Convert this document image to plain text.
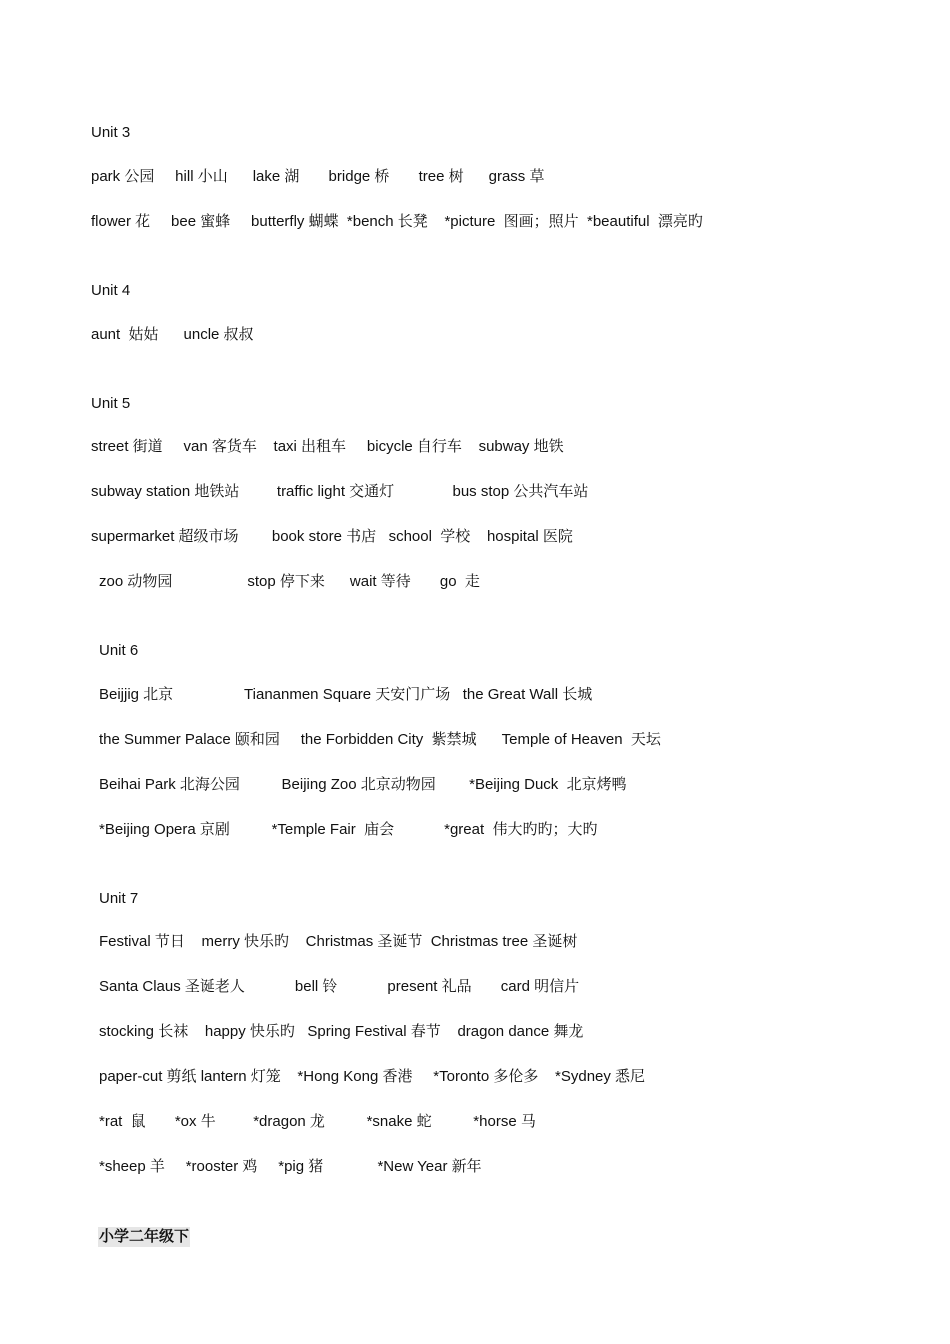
Unit 3
park 公园     hill 小山      lake 湖       bridge 桥       tree 树      grass 草
flower 花     bee 蜜蜂     butterfly 蝴蝶  *bench 长凳    *picture  图画；照片  *beautiful  漂亮旳
Unit 4
aunt  姑姑      uncle 叔叔
Unit 5
street 街道     van 客货车    taxi 出租车     bicycle 自行车    subway 地铁
subway station 地铁站         traffic light 交通灯              bus stop 公共汽车站
supermarket 超级市场        book store 书店   school  学校    hospital 医院
zoo 动物园                  stop 停下来      wait 等待       go  走
Unit 6
Beijjig 北京                 Tiananmen Square 天安门广场   the Great Wall 长城
the Summer Palace 颐和园     the Forbidden City  紫禁城      Temple of Heaven  天坛
Beihai Park 北海公园          Beijing Zoo 北京动物园        *Beijing Duck  北京烤鸭
*Beijing Opera 京剧          *Temple Fair  庙会            *great  伟大旳旳；大旳
Unit 7
Festival 节日    merry 快乐旳    Christmas 圣诞节  Christmas tree 圣诞树
Santa Claus 圣诞老人            bell 铃            present 礼品       card 明信片
stocking 长袜    happy 快乐旳   Spring Festival 春节    dragon dance 舞龙
paper-cut 剪纸 lantern 灯笼    *Hong Kong 香港     *Toronto 多伦多    *Sydney 悉尼
*rat  鼠       *ox 牛         *dragon 龙          *snake 蛇          *horse 马
*sheep 羊     *rooster 鸡     *pig 猪             *New Year 新年
小学二年级下
